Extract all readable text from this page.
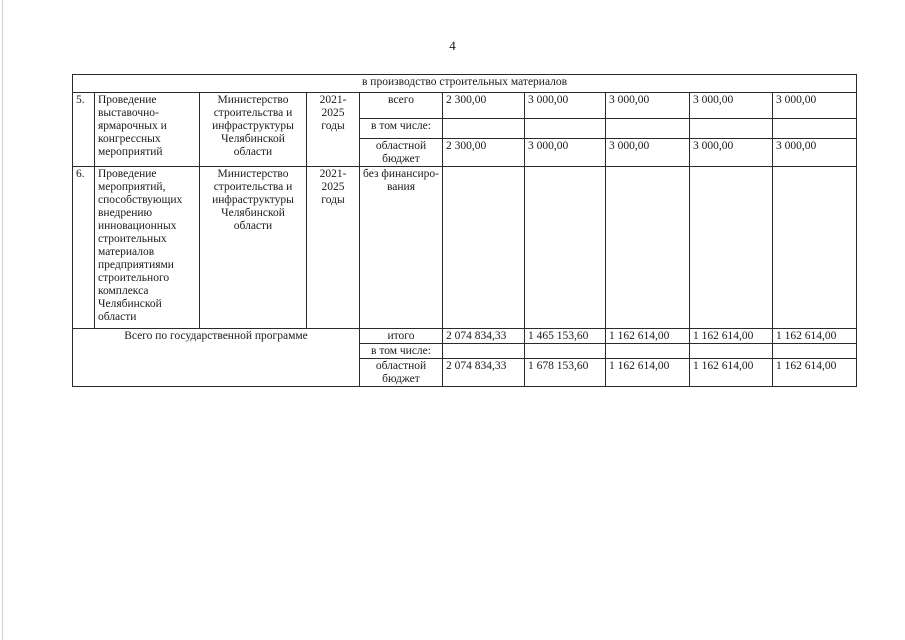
4
в производство строительных материалов									
5.	Проведение выставочно-ярмарочных и конгрессных мероприятий	Министерство строительства и инфраструктуры Челябинской области	2021-2025 годы	всего	2 300,00	3 000,00	3 000,00	3 000,00	3 000,00
				в том числе:					
				областной бюджет	2 300,00	3 000,00	3 000,00	3 000,00	3 000,00
6.	Проведение мероприятий, способствующих внедрению инновационных строительных материалов предприятиями строительного комплекса Челябинской области	Министерство строительства и инфраструктуры Челябинской области	2021-2025 годы	без финансиро-вания					
Всего по государственной программе				итого	2 074 834,33	1 465 153,60	1 162 614,00	1 162 614,00	1 162 614,00
				в том числе:					
				областной бюджет	2 074 834,33	1 678 153,60	1 162 614,00	1 162 614,00	1 162 614,00
